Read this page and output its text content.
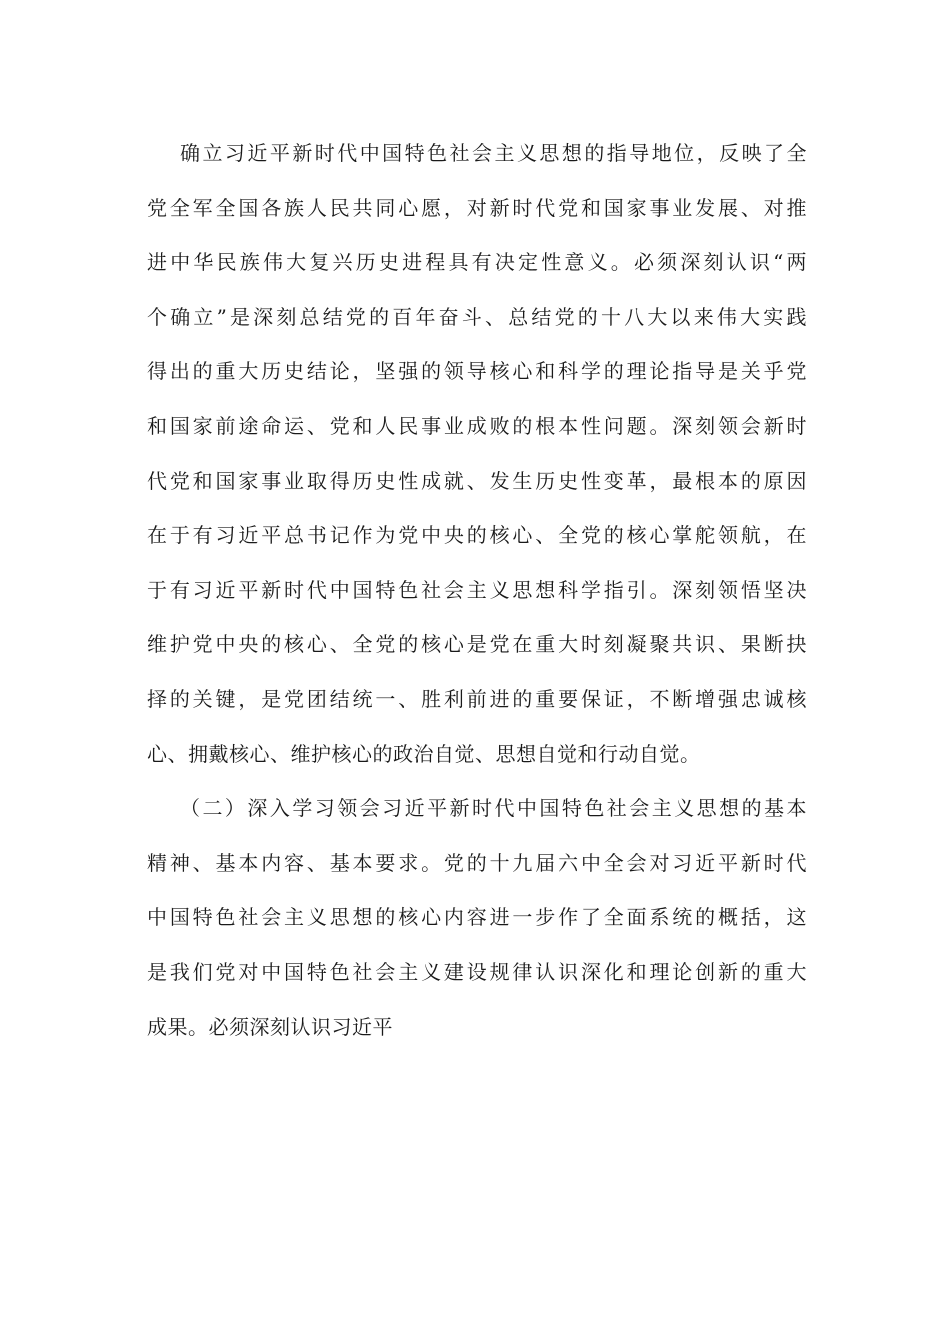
确立习近平新时代中国特色社会主义思想的指导地位，反映了全
党全军全国各族人民共同心愿，对新时代党和国家事业发展、对推
进中华民族伟大复兴历史进程具有决定性意义。必须深刻认识“两
个确立”是深刻总结党的百年奋斗、总结党的十八大以来伟大实践
得出的重大历史结论，坚强的领导核心和科学的理论指导是关乎党
和国家前途命运、党和人民事业成败的根本性问题。深刻领会新时
代党和国家事业取得历史性成就、发生历史性变革，最根本的原因
在于有习近平总书记作为党中央的核心、全党的核心掌舵领航，在
于有习近平新时代中国特色社会主义思想科学指引。深刻领悟坚决
维护党中央的核心、全党的核心是党在重大时刻凝聚共识、果断抉
择的关键，是党团结统一、胜利前进的重要保证，不断增强忠诚核
心、拥戴核心、维护核心的政治自觉、思想自觉和行动自觉。
（二）深入学习领会习近平新时代中国特色社会主义思想的基本
精神、基本内容、基本要求。党的十九届六中全会对习近平新时代
中国特色社会主义思想的核心内容进一步作了全面系统的概括，这
是我们党对中国特色社会主义建设规律认识深化和理论创新的重大
成果。必须深刻认识习近平
